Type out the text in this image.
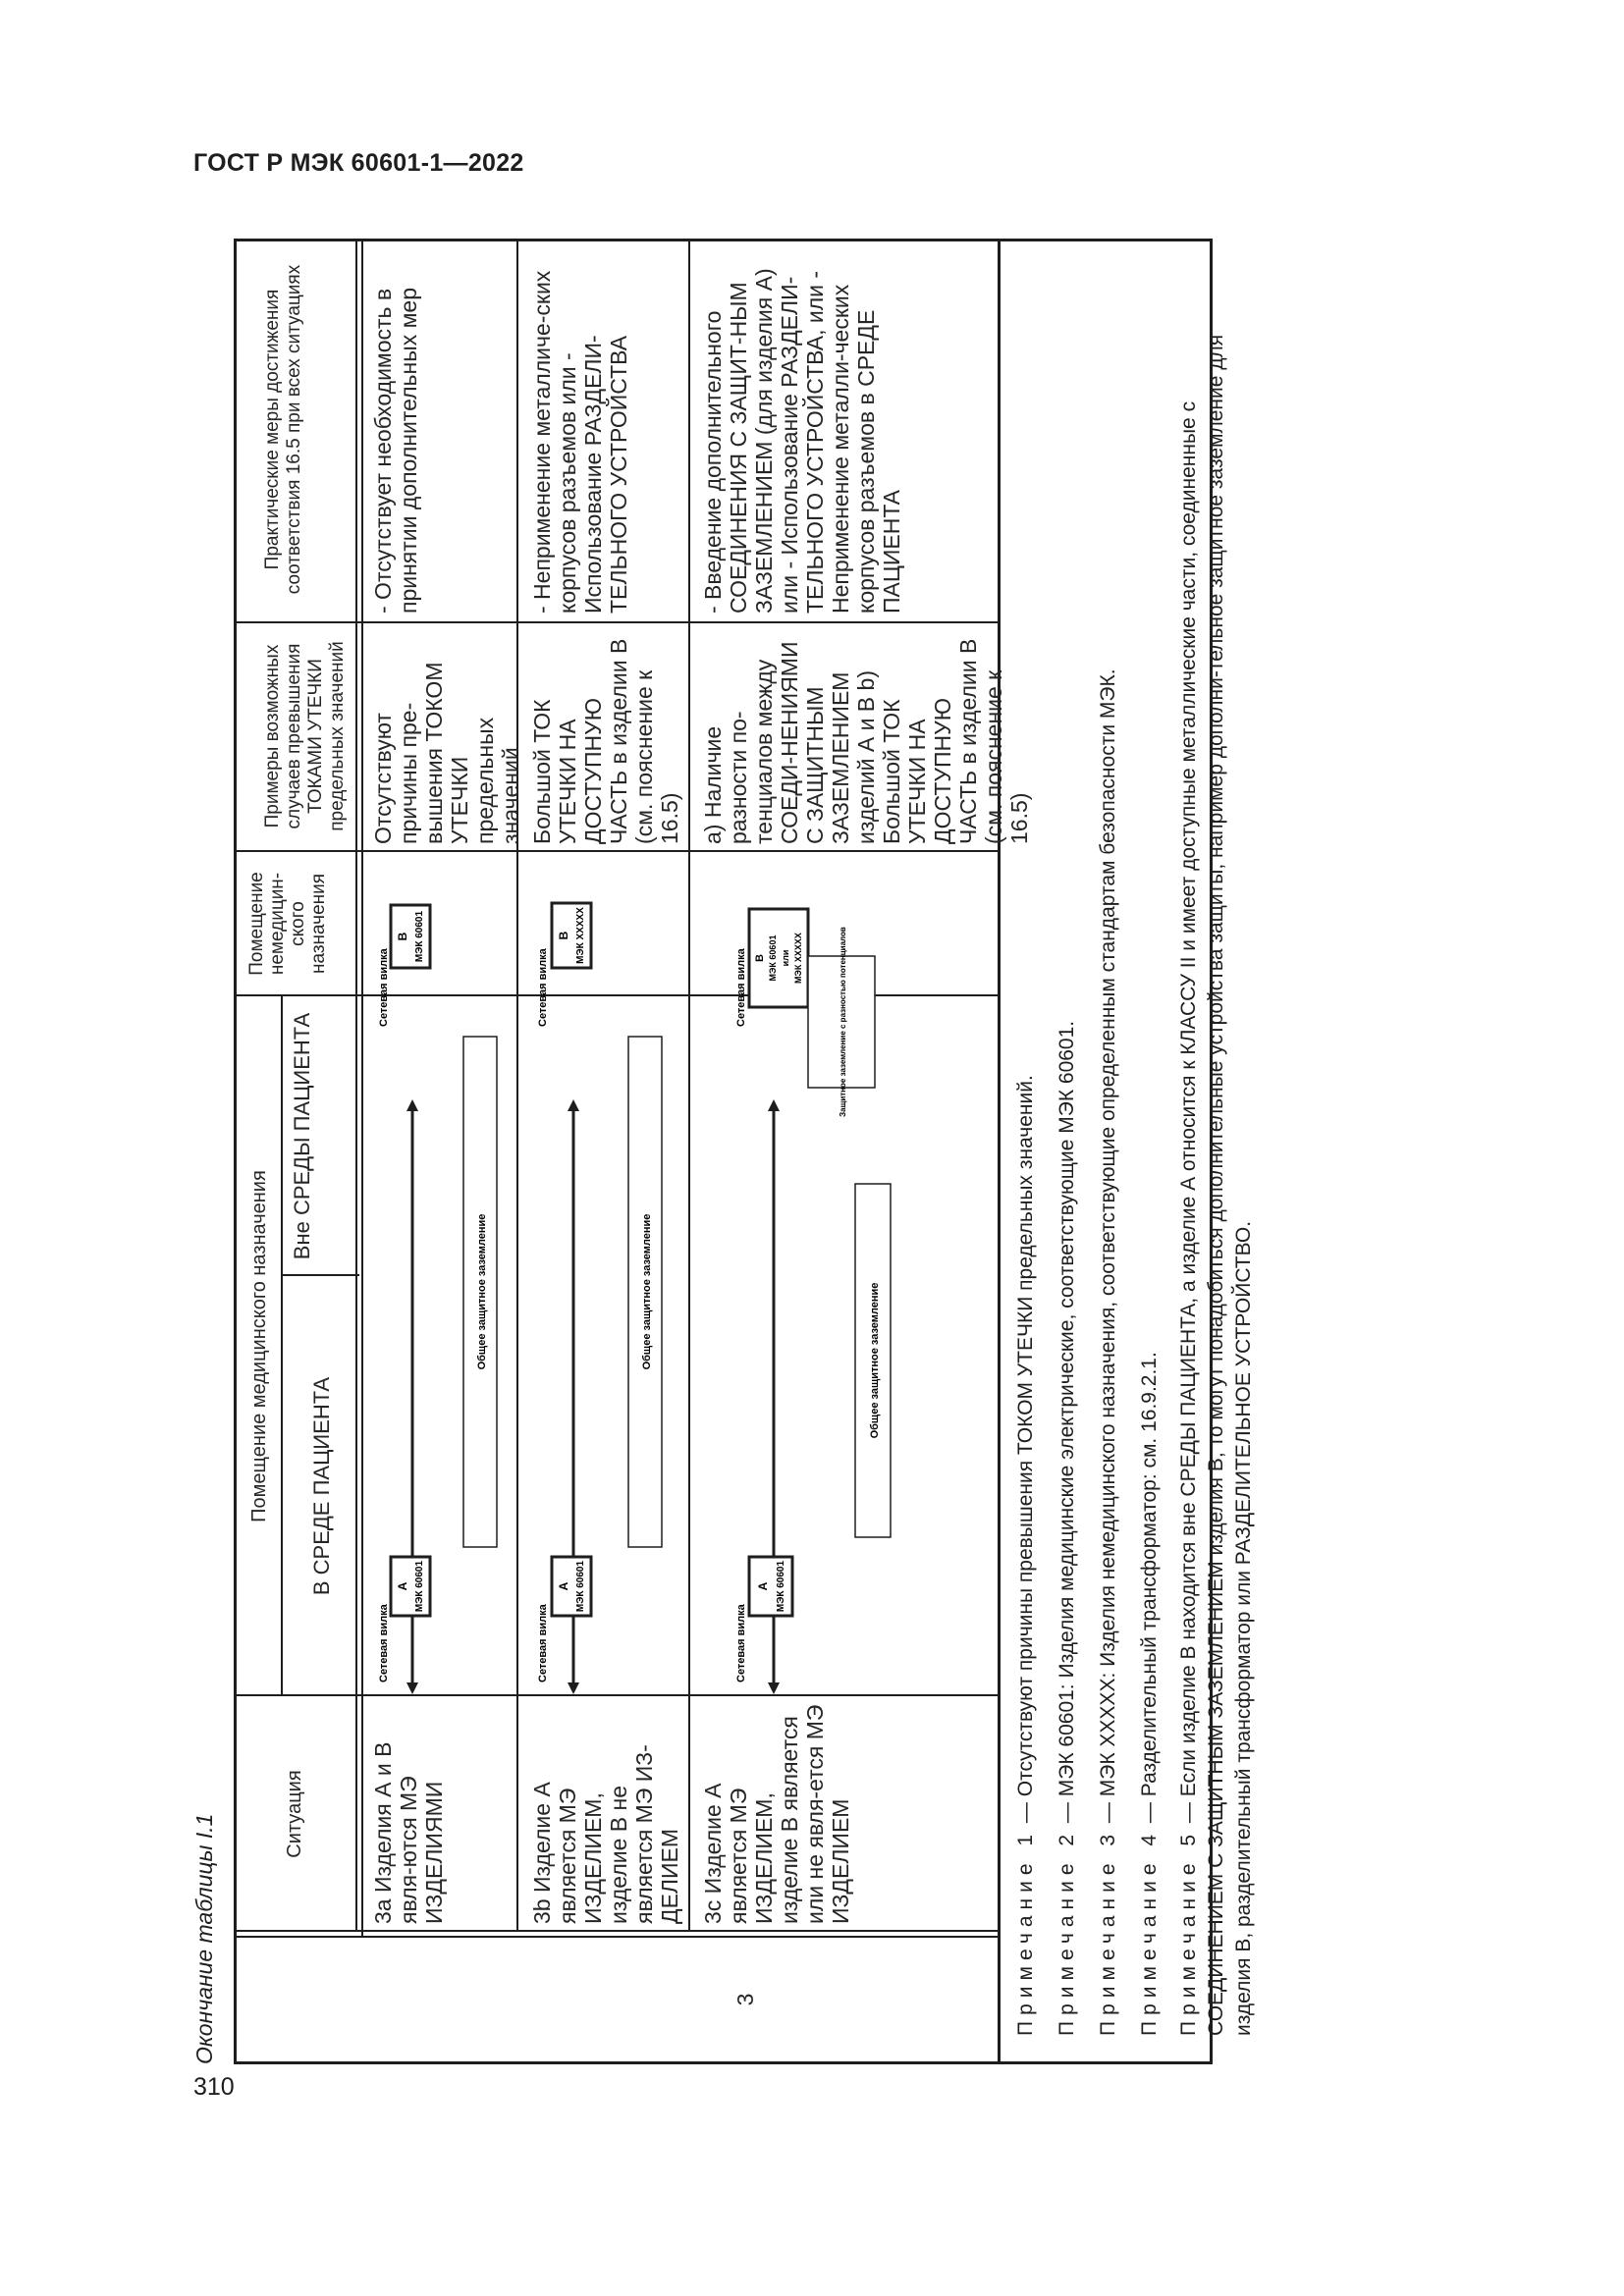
ГОСТ Р МЭК 60601-1—2022
310
Окончание таблицы I.1	Ситуация
Помещение медицинского назначения В СРЕДЕ ПАЦИЕНТА
Вне СРЕДЫ ПАЦИЕНТА
Помещение немедицин-ского назначения
Примеры возможных случаев превышения ТОКАМИ УТЕЧКИ предельных значений
Практические меры достижения соответствия 16.5 при всех ситуациях
3
3a Изделия А и В явля-ются МЭ ИЗДЕЛИЯМИ
Отсутствуют причины пре-вышения ТОКОМ УТЕЧКИ предельных значений
- Отсутствует необходимость в принятии дополнительных мер
3b Изделие А является МЭ ИЗДЕЛИЕМ, изделие В не является МЭ ИЗ-ДЕЛИЕМ
Большой ТОК УТЕЧКИ НА ДОСТУПНУЮ ЧАСТЬ в изделии В (см. пояснение к 16.5)
- Неприменение металличе-ских корпусов разъемов или - Использование РАЗДЕЛИ-ТЕЛЬНОГО УСТРОЙСТВА
3c Изделие А является МЭ ИЗДЕЛИЕМ, изделие В является или не явля-ется МЭ ИЗДЕЛИЕМ
a) Наличие разности по-тенциалов между СОЕДИ-НЕНИЯМИ С ЗАЩИТНЫМ ЗАЗЕМЛЕНИЕМ изделий А и В b) Большой ТОК УТЕЧКИ НА ДОСТУПНУЮ ЧАСТЬ в изделии В (см. пояснение к 16.5)
- Введение дополнительного СОЕДИНЕНИЯ С ЗАЩИТ-НЫМ ЗАЗЕМЛЕНИЕМ (для изделия А) или - Использование РАЗДЕЛИ-ТЕЛЬНОГО УСТРОЙСТВА, или - Неприменение металли-ческих корпусов разъемов в СРЕДЕ ПАЦИЕНТА
Сетевая вилка
A МЭК 60601
Сетевая вилка
B МЭК 60601
Общее защитное заземление
Сетевая вилка
A МЭК 60601
Сетевая вилка
B МЭК XXXXX
Общее защитное заземление
Сетевая вилка
A МЭК 60601
Сетевая вилка B МЭК 60601 или МЭК XXXXX
Общее защитное заземление
Защитное заземление с разностью потенциалов
Примечание 1 — Отсутствуют причины превышения ТОКОМ УТЕЧКИ предельных значений.
Примечание 2 — МЭК 60601: Изделия медицинские электрические, соответствующие МЭК 60601.
Примечание 3 — МЭК XXXXX: Изделия немедицинского назначения, соответствующие определенным стандартам безопасности МЭК.
Примечание 4 — Разделительный трансформатор: см. 16.9.2.1.
Примечание 5 — Если изделие В находится вне СРЕДЫ ПАЦИЕНТА, а изделие А относится к КЛАССУ II и имеет доступные металлические части, соединенные с СОЕДИНЕНИЕМ С ЗАЩИТНЫМ ЗАЗЕМЛЕНИЕМ изделия В, то могут понадобиться дополнительные устройства защиты, например дополни-тельное защитное заземление для изделия В, разделительный трансформатор или РАЗДЕЛИТЕЛЬНОЕ УСТРОЙСТВО.
